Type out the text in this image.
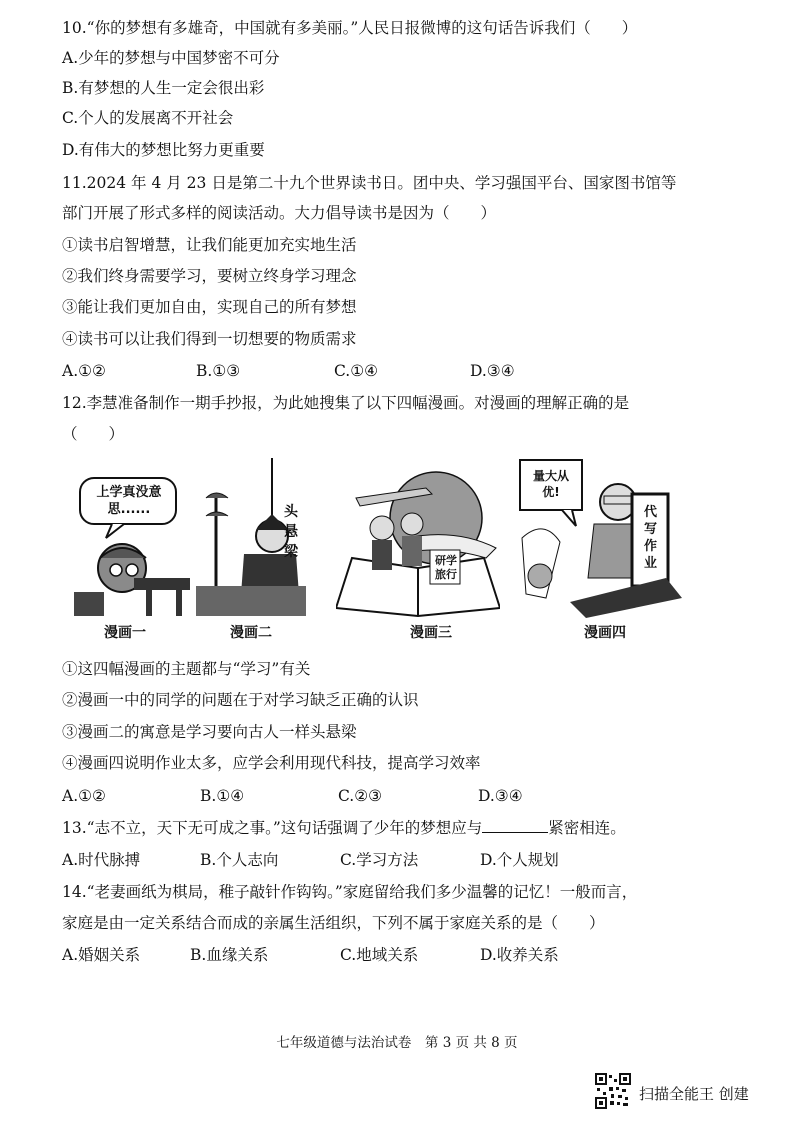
10.“你的梦想有多雄奇，中国就有多美丽。”人民日报微博的这句话告诉我们（　　）
A.少年的梦想与中国梦密不可分
B.有梦想的人生一定会很出彩
C.个人的发展离不开社会
D.有伟大的梦想比努力更重要
11.2024 年 4 月 23 日是第二十九个世界读书日。团中央、学习强国平台、国家图书馆等
部门开展了形式多样的阅读活动。大力倡导读书是因为（　　）
①读书启智增慧，让我们能更加充实地生活
②我们终身需要学习，要树立终身学习理念
③能让我们更加自由，实现自己的所有梦想
④读书可以让我们得到一切想要的物质需求
A.①②	B.①③	C.①④	D.③④
12.李慧准备制作一期手抄报，为此她搜集了以下四幅漫画。对漫画的理解正确的是
（　　）
上学真没意思......
漫画一
头悬梁
漫画二
研学旅行
漫画三
量大从优!
代写作业
漫画四
①这四幅漫画的主题都与“学习”有关
②漫画一中的同学的问题在于对学习缺乏正确的认识
③漫画二的寓意是学习要向古人一样头悬梁
④漫画四说明作业太多，应学会利用现代科技，提高学习效率
A.①②	B.①④	C.②③	D.③④
13.“志不立，天下无可成之事。”这句话强调了少年的梦想应与	紧密相连。
A.时代脉搏	B.个人志向	C.学习方法	D.个人规划
14.“老妻画纸为棋局，稚子敲针作钩钩。”家庭留给我们多少温馨的记忆！一般而言，
家庭是由一定关系结合而成的亲属生活组织，下列不属于家庭关系的是（　　）
A.婚姻关系	B.血缘关系	C.地域关系	D.收养关系
七年级道德与法治试卷　第 3 页 共 8 页
扫描全能王 创建
